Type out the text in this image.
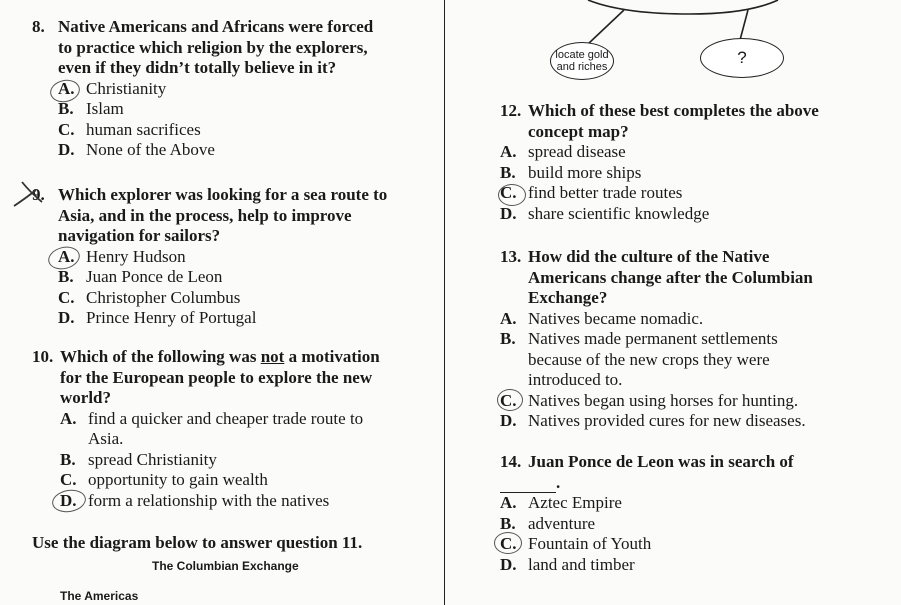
8. Native Americans and Africans were forced
to practice which religion by the explorers,
even if they didn’t totally believe in it?
A. Christianity
B. Islam
C. human sacrifices
D. None of the Above
9. Which explorer was looking for a sea route to
Asia, and in the process, help to improve
navigation for sailors?
A. Henry Hudson
B. Juan Ponce de Leon
C. Christopher Columbus
D. Prince Henry of Portugal
10. Which of the following was not a motivation
for the European people to explore the new
world?
A. find a quicker and cheaper trade route to
Asia.
B. spread Christianity
C. opportunity to gain wealth
D. form a relationship with the natives
Use the diagram below to answer question 11.
The Columbian Exchange
The Americas
locate gold and riches	?
12. Which of these best completes the above
concept map?
A. spread disease
B. build more ships
C. find better trade routes
D. share scientific knowledge
13. How did the culture of the Native
Americans change after the Columbian
Exchange?
A. Natives became nomadic.
B. Natives made permanent settlements
because of the new crops they were
introduced to.
C. Natives began using horses for hunting.
D. Natives provided cures for new diseases.
14. Juan Ponce de Leon was in search of
.
A. Aztec Empire
B. adventure
C. Fountain of Youth
D. land and timber
